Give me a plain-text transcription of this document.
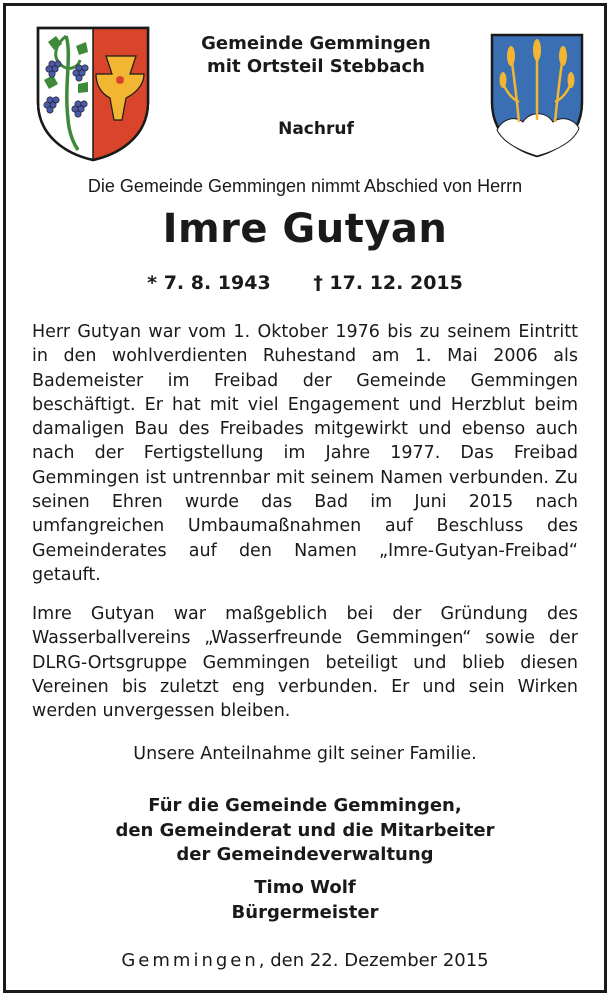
Gemeinde Gemmingen
mit Ortsteil Stebbach
Nachruf
Die Gemeinde Gemmingen nimmt Abschied von Herrn
Imre Gutyan
* 7. 8. 1943 † 17. 12. 2015
Herr Gutyan war vom 1. Oktober 1976 bis zu seinem Eintritt in den wohlverdienten Ruhestand am 1. Mai 2006 als Bademeister im Freibad der Gemeinde Gemmingen beschäftigt. Er hat mit viel Engagement und Herzblut beim damaligen Bau des Freibades mitgewirkt und ebenso auch nach der Fertigstellung im Jahre 1977. Das Freibad Gemmingen ist untrennbar mit seinem Namen verbunden. Zu seinen Ehren wurde das Bad im Juni 2015 nach umfangreichen Umbaumaßnahmen auf Beschluss des Gemeinderates auf den Namen „Imre-Gutyan-Freibad“ getauft.
Imre Gutyan war maßgeblich bei der Gründung des Wasserballvereins „Wasserfreunde Gemmingen“ sowie der DLRG-Ortsgruppe Gemmingen beteiligt und blieb diesen Vereinen bis zuletzt eng verbunden. Er und sein Wirken werden unvergessen bleiben.
Unsere Anteilnahme gilt seiner Familie.
Für die Gemeinde Gemmingen,
den Gemeinderat und die Mitarbeiter
der Gemeindeverwaltung
Timo Wolf
Bürgermeister
Gemmingen, den 22. Dezember 2015
